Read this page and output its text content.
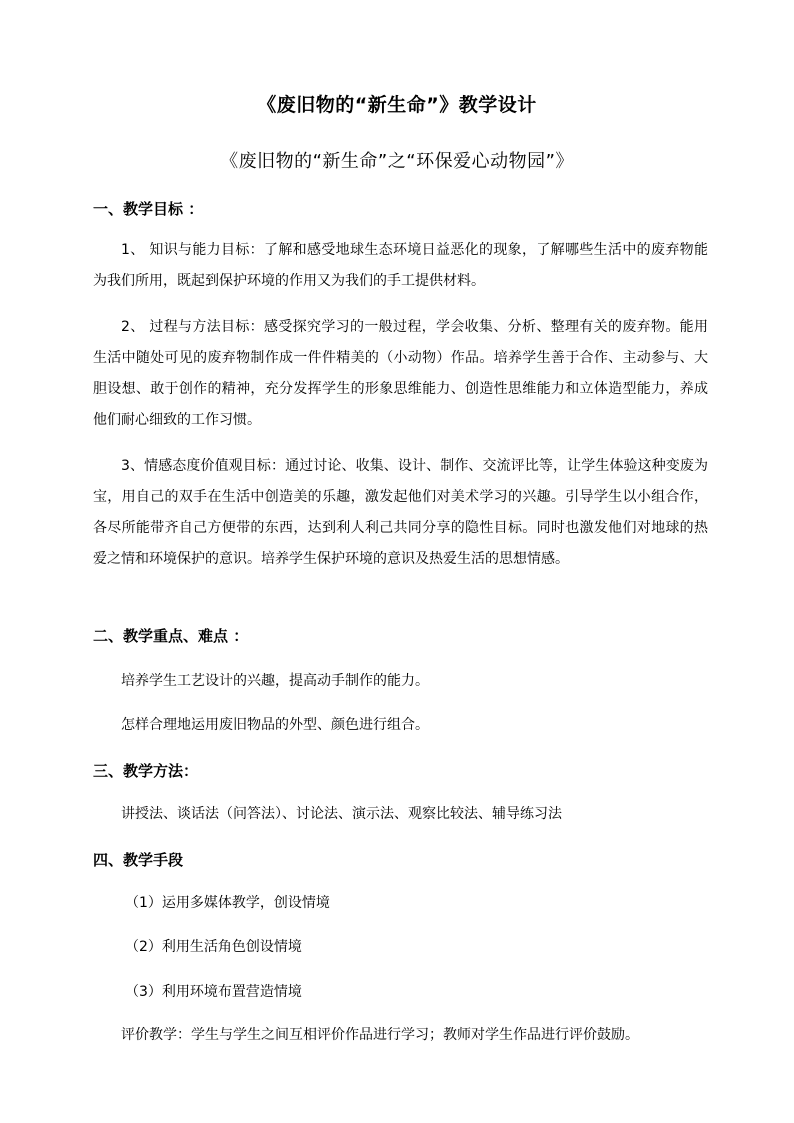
《废旧物的“新生命”》教学设计
《废旧物的“新生命”之“环保爱心动物园”》
一、教学目标 ：
1、 知识与能力目标：了解和感受地球生态环境日益恶化的现象，了解哪些生活中的废弃物能为我们所用，既起到保护环境的作用又为我们的手工提供材料。
2、 过程与方法目标：感受探究学习的一般过程，学会收集、分析、整理有关的废弃物。能用生活中随处可见的废弃物制作成一件件精美的（小动物）作品。培养学生善于合作、主动参与、大胆设想、敢于创作的精神，充分发挥学生的形象思维能力、创造性思维能力和立体造型能力，养成他们耐心细致的工作习惯。
3、情感态度价值观目标：通过讨论、收集、设计、制作、交流评比等，让学生体验这种变废为宝，用自己的双手在生活中创造美的乐趣，激发起他们对美术学习的兴趣。引导学生以小组合作，各尽所能带齐自己方便带的东西，达到利人利己共同分享的隐性目标。同时也激发他们对地球的热爱之情和环境保护的意识。培养学生保护环境的意识及热爱生活的思想情感。
二、教学重点、难点 ：
培养学生工艺设计的兴趣，提高动手制作的能力。
怎样合理地运用废旧物品的外型、颜色进行组合。
三、教学方法：
讲授法、谈话法（问答法）、讨论法、演示法、观察比较法、辅导练习法
四、教学手段
（1）运用多媒体教学，创设情境
（2）利用生活角色创设情境
（3）利用环境布置营造情境
评价教学：学生与学生之间互相评价作品进行学习；教师对学生作品进行评价鼓励。
